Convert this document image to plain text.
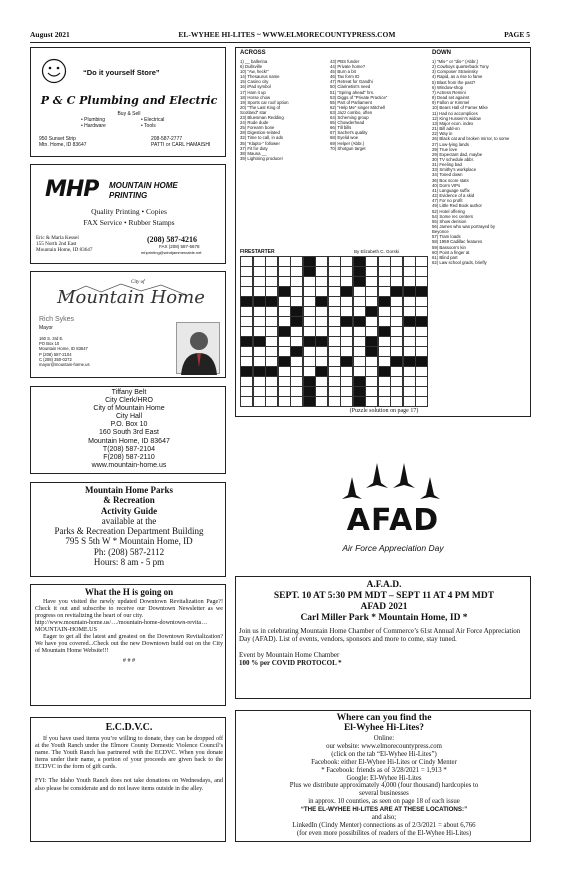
August 2021	EL-WYHEE HI-LITES ~ WWW.ELMORECOUNTYPRESS.COM	PAGE 5
“Do it yourself Store”
P & C Plumbing and Electric
Buy & Sell
• Plumbing
• Hardware
• Electrical
• Tools
950 Sunset Strip
Mtn. Home, ID 83647
208-587-2777
PATTI or CARL HAMAISHI
MHP MOUNTAIN HOME
PRINTING
Quality Printing • Copies
FAX Service • Rubber Stamps
Eric & Marla Kessel
155 North 2nd East
Mountain Home, ID 83647
(208) 587-4216
FAX (208) 587-5678
mhprinting@windjammercable.net
City of
Mountain Home
Rich Sykes
Mayor
160 S. 3rd E.
PO Box 10
Mountain Home, ID 83647
P (208) 587-2104
C (208) 350-0272
mayor@mountain-home.us
Tiffany Belt
City Clerk/HRO
City of Mountain Home
City Hall
P.O. Box 10
160 South 3rd East
Mountain Home, ID 83647
T(208) 587-2104
F(208) 587-2110
www.mountain-home.us
Mountain Home Parks
& Recreation
Activity Guide
available at the
Parks & Recreation Department Building
795 S 5th W * Mountain Home, ID
Ph: (208) 587-2112
Hours: 8 am - 5 pm
What the H is going on
Have you visited the newly updated Downtown Revitalization Page?! Check it out and subscribe to receive our Downtown Newsletter as we progress on revitalizing the heart of our city.
http://www.mountain-home.us/…/mountain-home-downtown-revita…
MOUNTAIN-HOME.US
Eager to get all the latest and greatest on the Downtown Revitalization? We have you covered...Check out the new Downtown build out on the City of Mountain Home Website!!!
# # #
E.C.D.V.C.
If you have used items you’re willing to donate, they can be dropped off at the Youth Ranch under the Elmore County Domestic Violence Council’s name. The Youth Ranch has partnered with the ECDVC. When you donate items under their name, a portion of your proceeds are given back to the ECDVC in the form of gift cards.
FYI: The Idaho Youth Ranch does not take donations on Wednesdays, and also please be considerate and do not leave items outside in the alley.
ACROSS	DOWN
1) __ ballerina
6) Dullsville
10) “Aw, heck!”
14) Thesaurus name
15) Casino city
16) iPad symbol
17) Ham it up
18) Horse chow
19) Sports car roof option
20) “The Last King of
Scotland” star
23) Bluesman Redding
24) Rude dude
25) Forearm bone
28) Digestion-related
32) Time to call, in ads
35) “Klapto-” follower
37) Fit for duty
38) Mauna __
39) Lightning producer
43) PBS funder
44) Private home?
45) Burn a bit
46) Tax form ID
47) Retreat for Gandhi
50) Clarinetist’s need
51) “Spring ahead” hrs.
53) Diggs of “Private Practice”
55) Part of Parliament
62) “Help Me” singer Mitchell
63) Jazz combo, often
64) Scheming group
65) Chowderhead
66) Till bills
67) Sachet’s quality
68) Eyelid woe
69) Helper (Abbr.)
70) Shotgun target
1) “Mis-” or “dis-” (Abbr.)
2) Cowboys quarterback Tony
3) Composer Stravinsky
4) Rapid, as a rise to fame
5) Blast from the past?
6) Window-shop
7) Actress Remini
8) Dead set against
9) Fallon or Kimmel
10) Bears Hall of Famer Mike
11) Had no accomplices
12) King Hussein’s widow
13) Major econ. index
21) Bill add-on
22) Way in
26) Black cat and broken mirror, to some
27) Low-lying lands
29) True love
29) Expectant dad, maybe
30) TV schedule abbr.
31) Feeling bad
33) Smithy’s workplace
34) Toned down
36) Box score stats
40) Dorm VIPs
41) Language suffix
42) Evidence of a skid
47) For no profit
49) Little Red Book author
52) Hotel offering
54) Some rec centers
55) Show derision
56) James who was portrayed by
Beyonce
57) Tram loads
58) 1959 Cadillac features
59) Bassoon’s kin
60) Point a finger at
61) Blind part
62) Law school grads, briefly
FIRESTARTER	By Elizabeth C. Gorski
(Puzzle solution on page 17)
AFAD
Air Force Appreciation Day
A.F.A.D.
SEPT. 10 AT 5:30 PM MDT – SEPT 11 AT 4 PM MDT
AFAD 2021
Carl Miller Park * Mountain Home, ID *
Join us in celebrating Mountain Home Chamber of Commerce’s 61st Annual Air Force Appreciation Day (AFAD). List of events, vendors, sponsors and more to come, stay tuned.
Event by Mountain Home Chamber
100 % per COVID PROTOCOL *
Where can you find the
El-Wyhee Hi-Lites?
Online:
our website: www.elmorecountypress.com
(click on the tab “El-Wyhee Hi-Lites”)
Facebook: either El-Wyhee Hi-Lites or Cindy Menter
* Facebook: friends as of 3/28/2021 = 1,913 *
Google: El-Wyhee Hi-Lites
Plus we distribute approximately 4,000 (four thousand) hardcopies to
several businesses
in approx. 10 counties, as seen on page 18 of each issue
“THE EL-WYHEE HI-LITES ARE AT THESE LOCATIONS:”
and also;
LinkedIn (Cindy Menter) connections as of 2/3/2021 = about 6,766
(for even more possibilites of readers of the El-Wyhee Hi-Lites)
